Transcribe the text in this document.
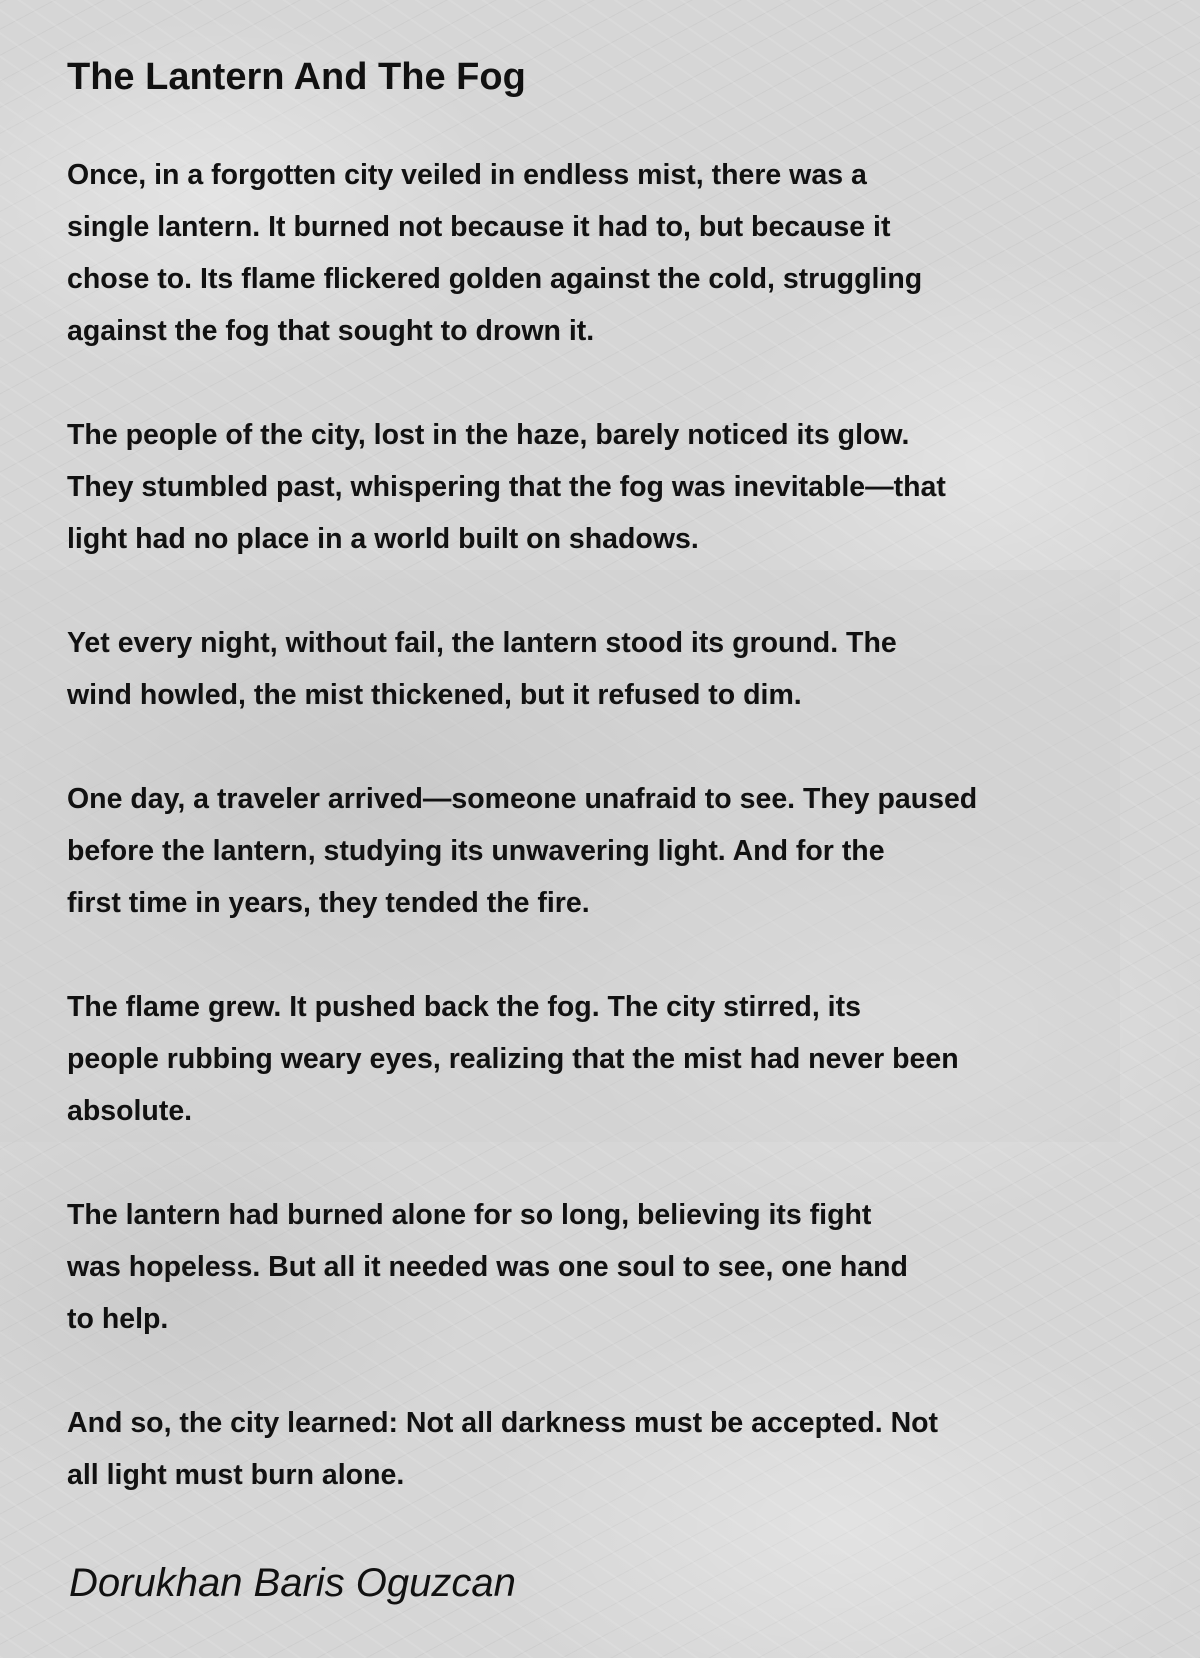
The Lantern And The Fog

Once, in a forgotten city veiled in endless mist, there was a
single lantern. It burned not because it had to, but because it
chose to. Its flame flickered golden against the cold, struggling
against the fog that sought to drown it.

The people of the city, lost in the haze, barely noticed its glow.
They stumbled past, whispering that the fog was inevitable—that
light had no place in a world built on shadows.

Yet every night, without fail, the lantern stood its ground. The
wind howled, the mist thickened, but it refused to dim.

One day, a traveler arrived—someone unafraid to see. They paused
before the lantern, studying its unwavering light. And for the
first time in years, they tended the fire.

The flame grew. It pushed back the fog. The city stirred, its
people rubbing weary eyes, realizing that the mist had never been
absolute.

The lantern had burned alone for so long, believing its fight
was hopeless. But all it needed was one soul to see, one hand
to help.

And so, the city learned: Not all darkness must be accepted. Not
all light must burn alone.

Dorukhan Baris Oguzcan
